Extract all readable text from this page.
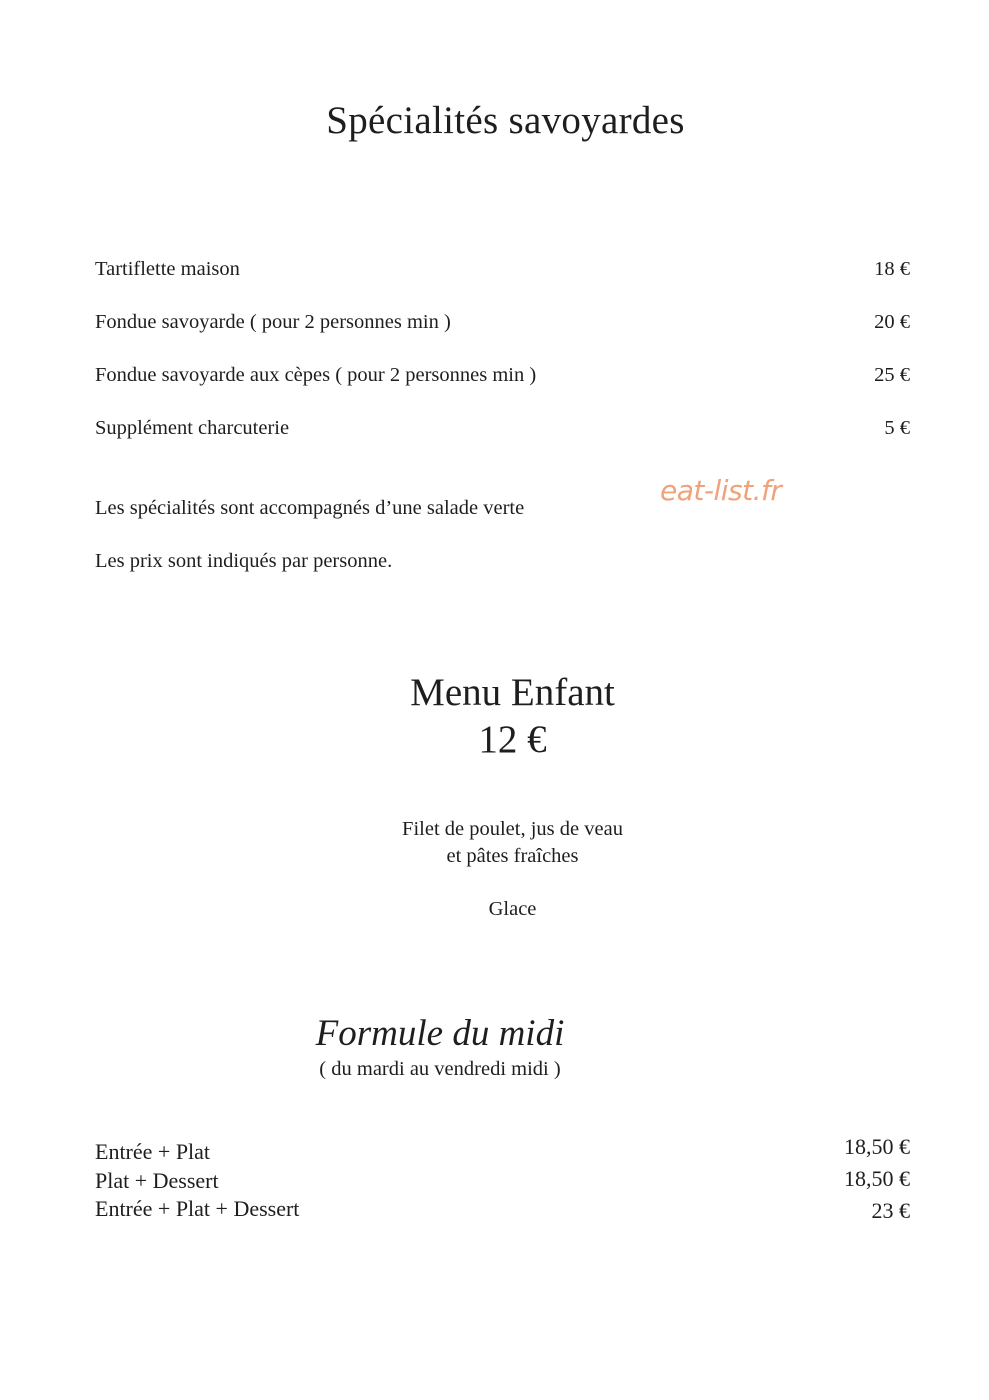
Spécialités savoyardes
Tartiflette maison	18 €
Fondue savoyarde ( pour 2 personnes min )	20 €
Fondue savoyarde aux cèpes ( pour 2 personnes min )	25 €
Supplément charcuterie	5 €
Les spécialités sont accompagnés d’une salade verte
Les prix sont indiqués par personne.
eat-list.fr
Menu Enfant
12 €
Filet de poulet, jus de veau
et pâtes fraîches
Glace
Formule du midi
( du mardi au vendredi midi )
Entrée + Plat	18,50 €
Plat + Dessert	18,50 €
Entrée + Plat + Dessert	23 €
